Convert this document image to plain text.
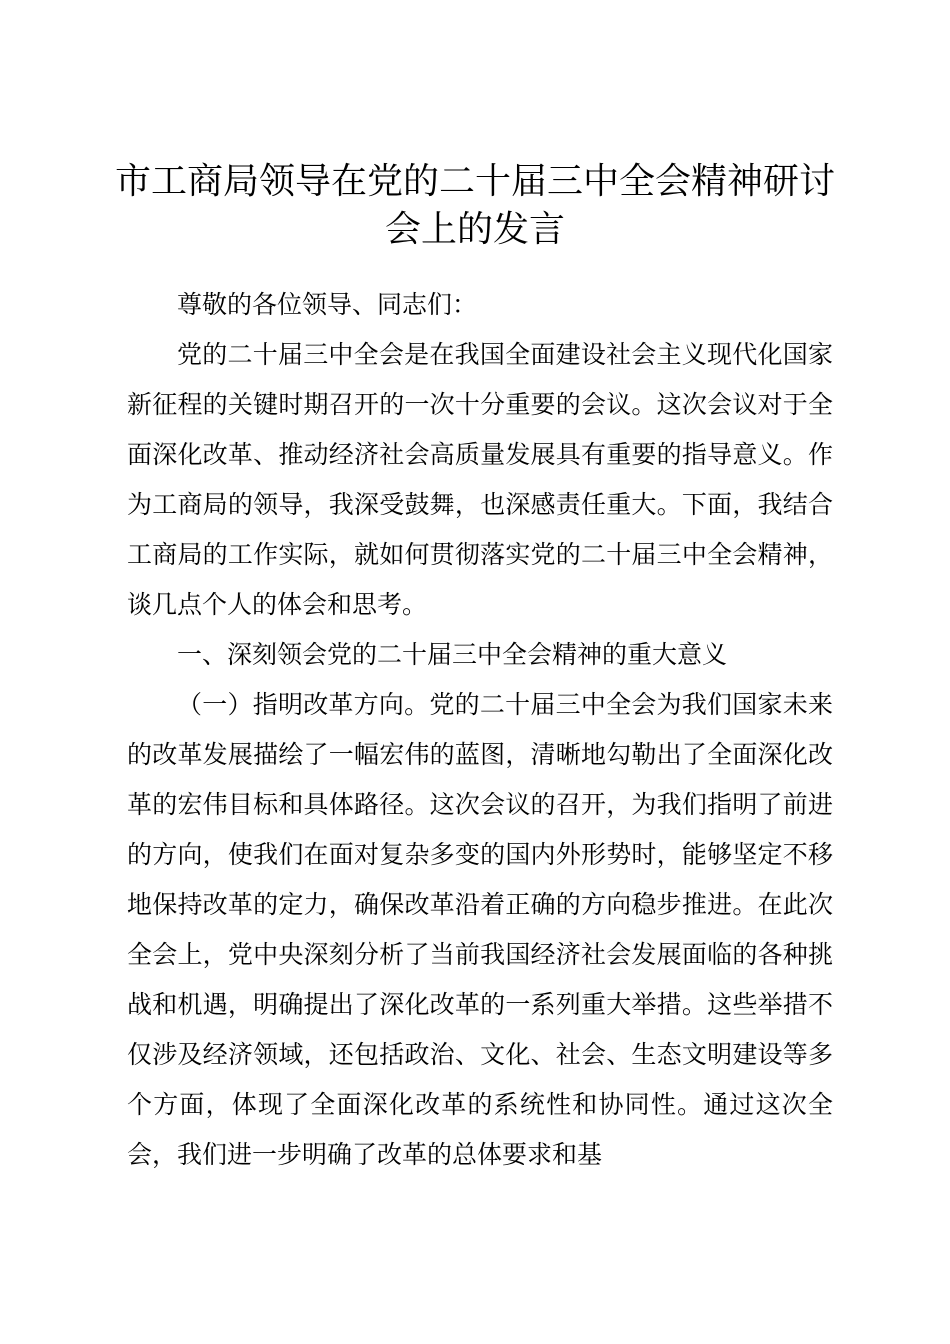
市工商局领导在党的二十届三中全会精神研讨会上的发言

尊敬的各位领导、同志们：

党的二十届三中全会是在我国全面建设社会主义现代化国家新征程的关键时期召开的一次十分重要的会议。这次会议对于全面深化改革、推动经济社会高质量发展具有重要的指导意义。作为工商局的领导，我深受鼓舞，也深感责任重大。下面，我结合工商局的工作实际，就如何贯彻落实党的二十届三中全会精神，谈几点个人的体会和思考。

一、深刻领会党的二十届三中全会精神的重大意义

（一）指明改革方向。党的二十届三中全会为我们国家未来的改革发展描绘了一幅宏伟的蓝图，清晰地勾勒出了全面深化改革的宏伟目标和具体路径。这次会议的召开，为我们指明了前进的方向，使我们在面对复杂多变的国内外形势时，能够坚定不移地保持改革的定力，确保改革沿着正确的方向稳步推进。在此次全会上，党中央深刻分析了当前我国经济社会发展面临的各种挑战和机遇，明确提出了深化改革的一系列重大举措。这些举措不仅涉及经济领域，还包括政治、文化、社会、生态文明建设等多个方面，体现了全面深化改革的系统性和协同性。通过这次全会，我们进一步明确了改革的总体要求和基
